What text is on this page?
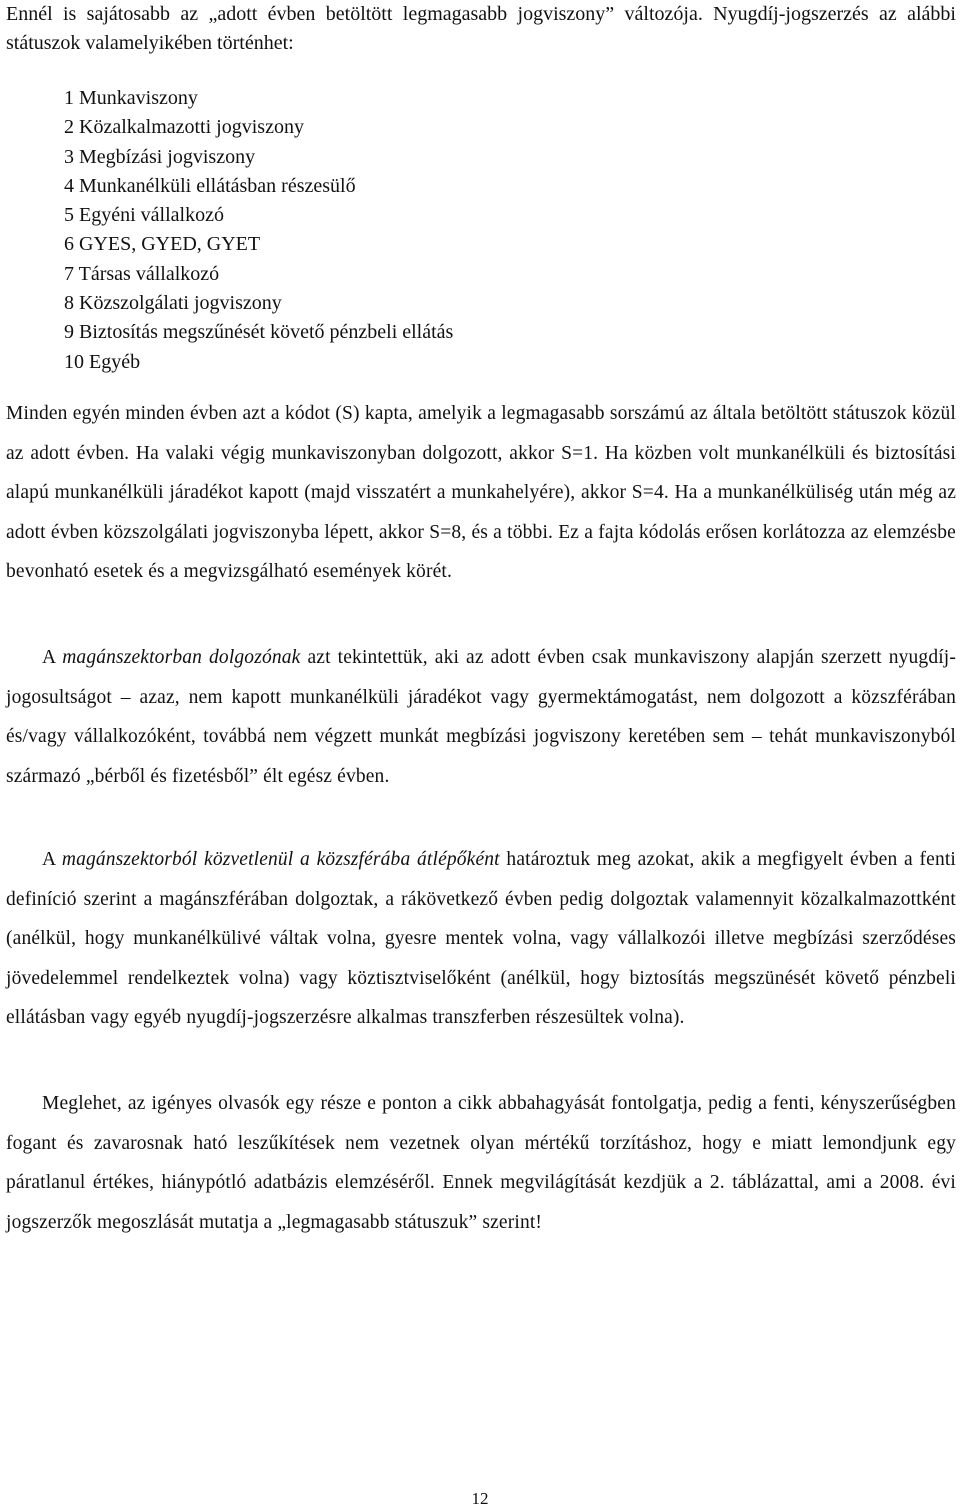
Ennél is sajátosabb az „adott évben betöltött legmagasabb jogviszony” változója. Nyugdíj-jogszerzés az alábbi státuszok valamelyikében történhet:

1 Munkaviszony
2 Közalkalmazotti jogviszony
3 Megbízási jogviszony
4 Munkanélküli ellátásban részesülő
5 Egyéni vállalkozó
6 GYES, GYED, GYET
7 Társas vállalkozó
8 Közszolgálati jogviszony
9 Biztosítás megszűnését követő pénzbeli ellátás
10 Egyéb

Minden egyén minden évben azt a kódot (S) kapta, amelyik a legmagasabb sorszámú az általa betöltött státuszok közül az adott évben. Ha valaki végig munkaviszonyban dolgozott, akkor S=1. Ha közben volt munkanélküli és biztosítási alapú munkanélküli járadékot kapott (majd visszatért a munkahelyére), akkor S=4. Ha a munkanélküliség után még az adott évben közszolgálati jogviszonyba lépett, akkor S=8, és a többi. Ez a fajta kódolás erősen korlátozza az elemzésbe bevonható esetek és a megvizsgálható események körét.

A magánszektorban dolgozónak azt tekintettük, aki az adott évben csak munkaviszony alapján szerzett nyugdíj-jogosultságot – azaz, nem kapott munkanélküli járadékot vagy gyermektámogatást, nem dolgozott a közszférában és/vagy vállalkozóként, továbbá nem végzett munkát megbízási jogviszony keretében sem – tehát munkaviszonyból származó „bérből és fizetésből” élt egész évben.

A magánszektorból közvetlenül a közszférába átlépőként határoztuk meg azokat, akik a megfigyelt évben a fenti definíció szerint a magánszférában dolgoztak, a rákövetkező évben pedig dolgoztak valamennyit közalkalmazottként (anélkül, hogy munkanélkülivé váltak volna, gyesre mentek volna, vagy vállalkozói illetve megbízási szerződéses jövedelemmel rendelkeztek volna) vagy köztisztviselőként (anélkül, hogy biztosítás megszünését követő pénzbeli ellátásban vagy egyéb nyugdíj-jogszerzésre alkalmas transzferben részesültek volna).

Meglehet, az igényes olvasók egy része e ponton a cikk abbahagyását fontolgatja, pedig a fenti, kényszerűségben fogant és zavarosnak ható leszűkítések nem vezetnek olyan mértékű torzításhoz, hogy e miatt lemondjunk egy páratlanul értékes, hiánypótló adatbázis elemzéséről. Ennek megvilágítását kezdjük a 2. táblázattal, ami a 2008. évi jogszerzők megoszlását mutatja a „legmagasabb státuszuk” szerint!

12
